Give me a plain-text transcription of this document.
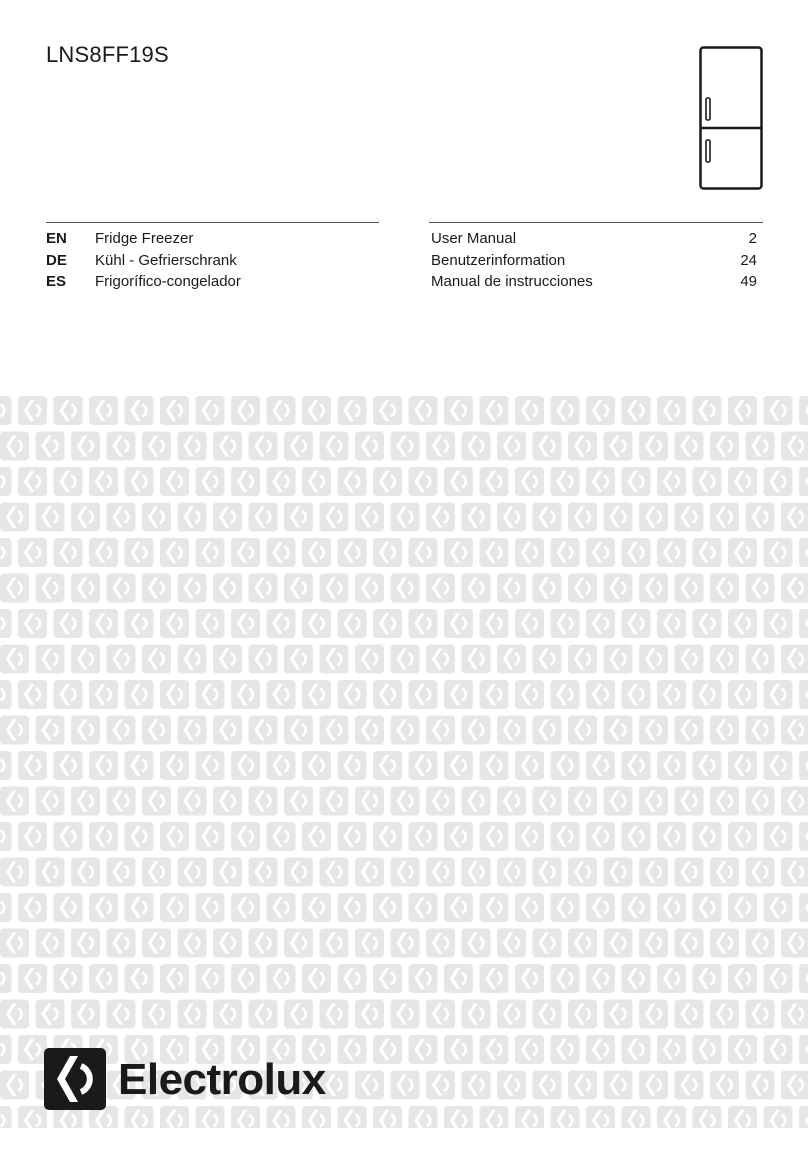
LNS8FF19S
EN Fridge Freezer	User Manual	2
DE Kühl - Gefrierschrank	Benutzerinformation	24
ES Frigorífico-congelador	Manual de instrucciones	49
Electrolux
